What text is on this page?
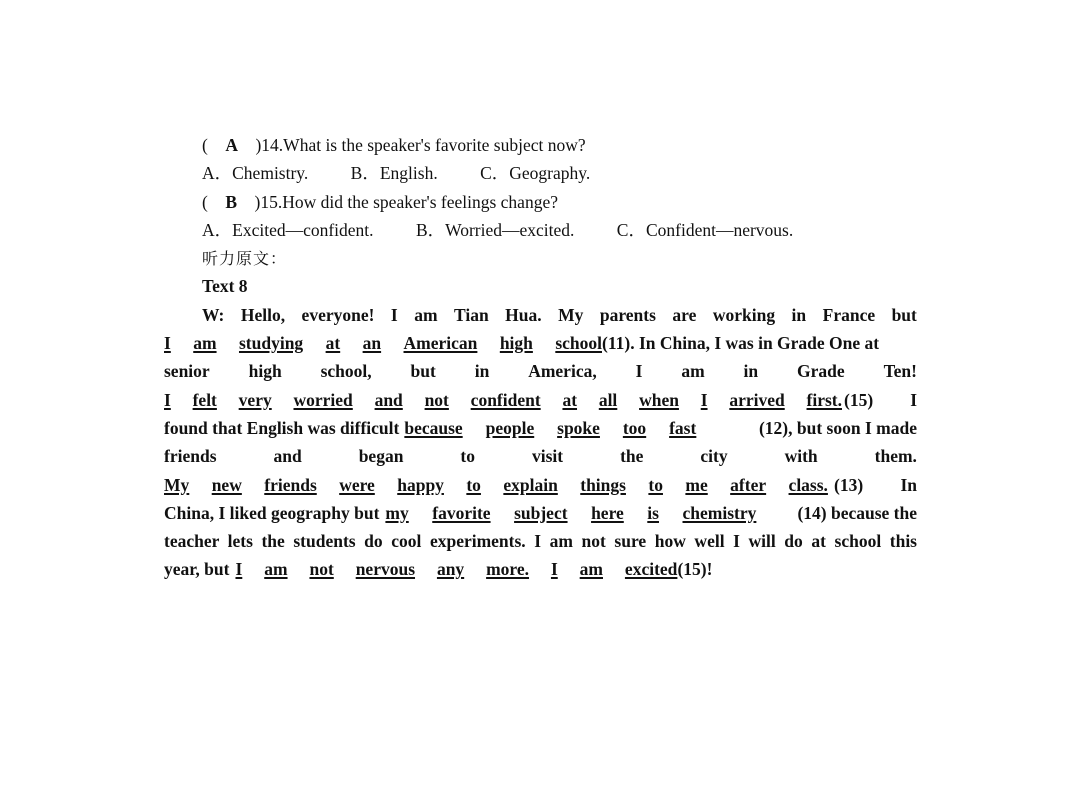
( A )14.What is the speaker's favorite subject now?
A．Chemistry. B．English. C．Geography.
( B )15.How did the speaker's feelings change?
A．Excited—confident. B．Worried—excited. C．Confident—nervous.
听力原文：
Text 8
W: Hello, everyone! I am Tian Hua. My parents are working in France but
I am studying at an American high school (11). In China, I was in Grade One at
senior high school, but in America, I am in Grade Ten!
I felt very worried and not confident at all when I arrived first. (15) I
found that English was difficult because people spoke too fast	(12), but soon I made
friends	and	began	to	visit	the	city	with	them.
My new friends were happy to explain things to me after class. (13) In
China, I liked geography but my favorite subject here is chemistry (14) because the
teacher lets the students do cool experiments. I am not sure how well I will do at school this
year, but I am not nervous any more. I am excited (15)!
